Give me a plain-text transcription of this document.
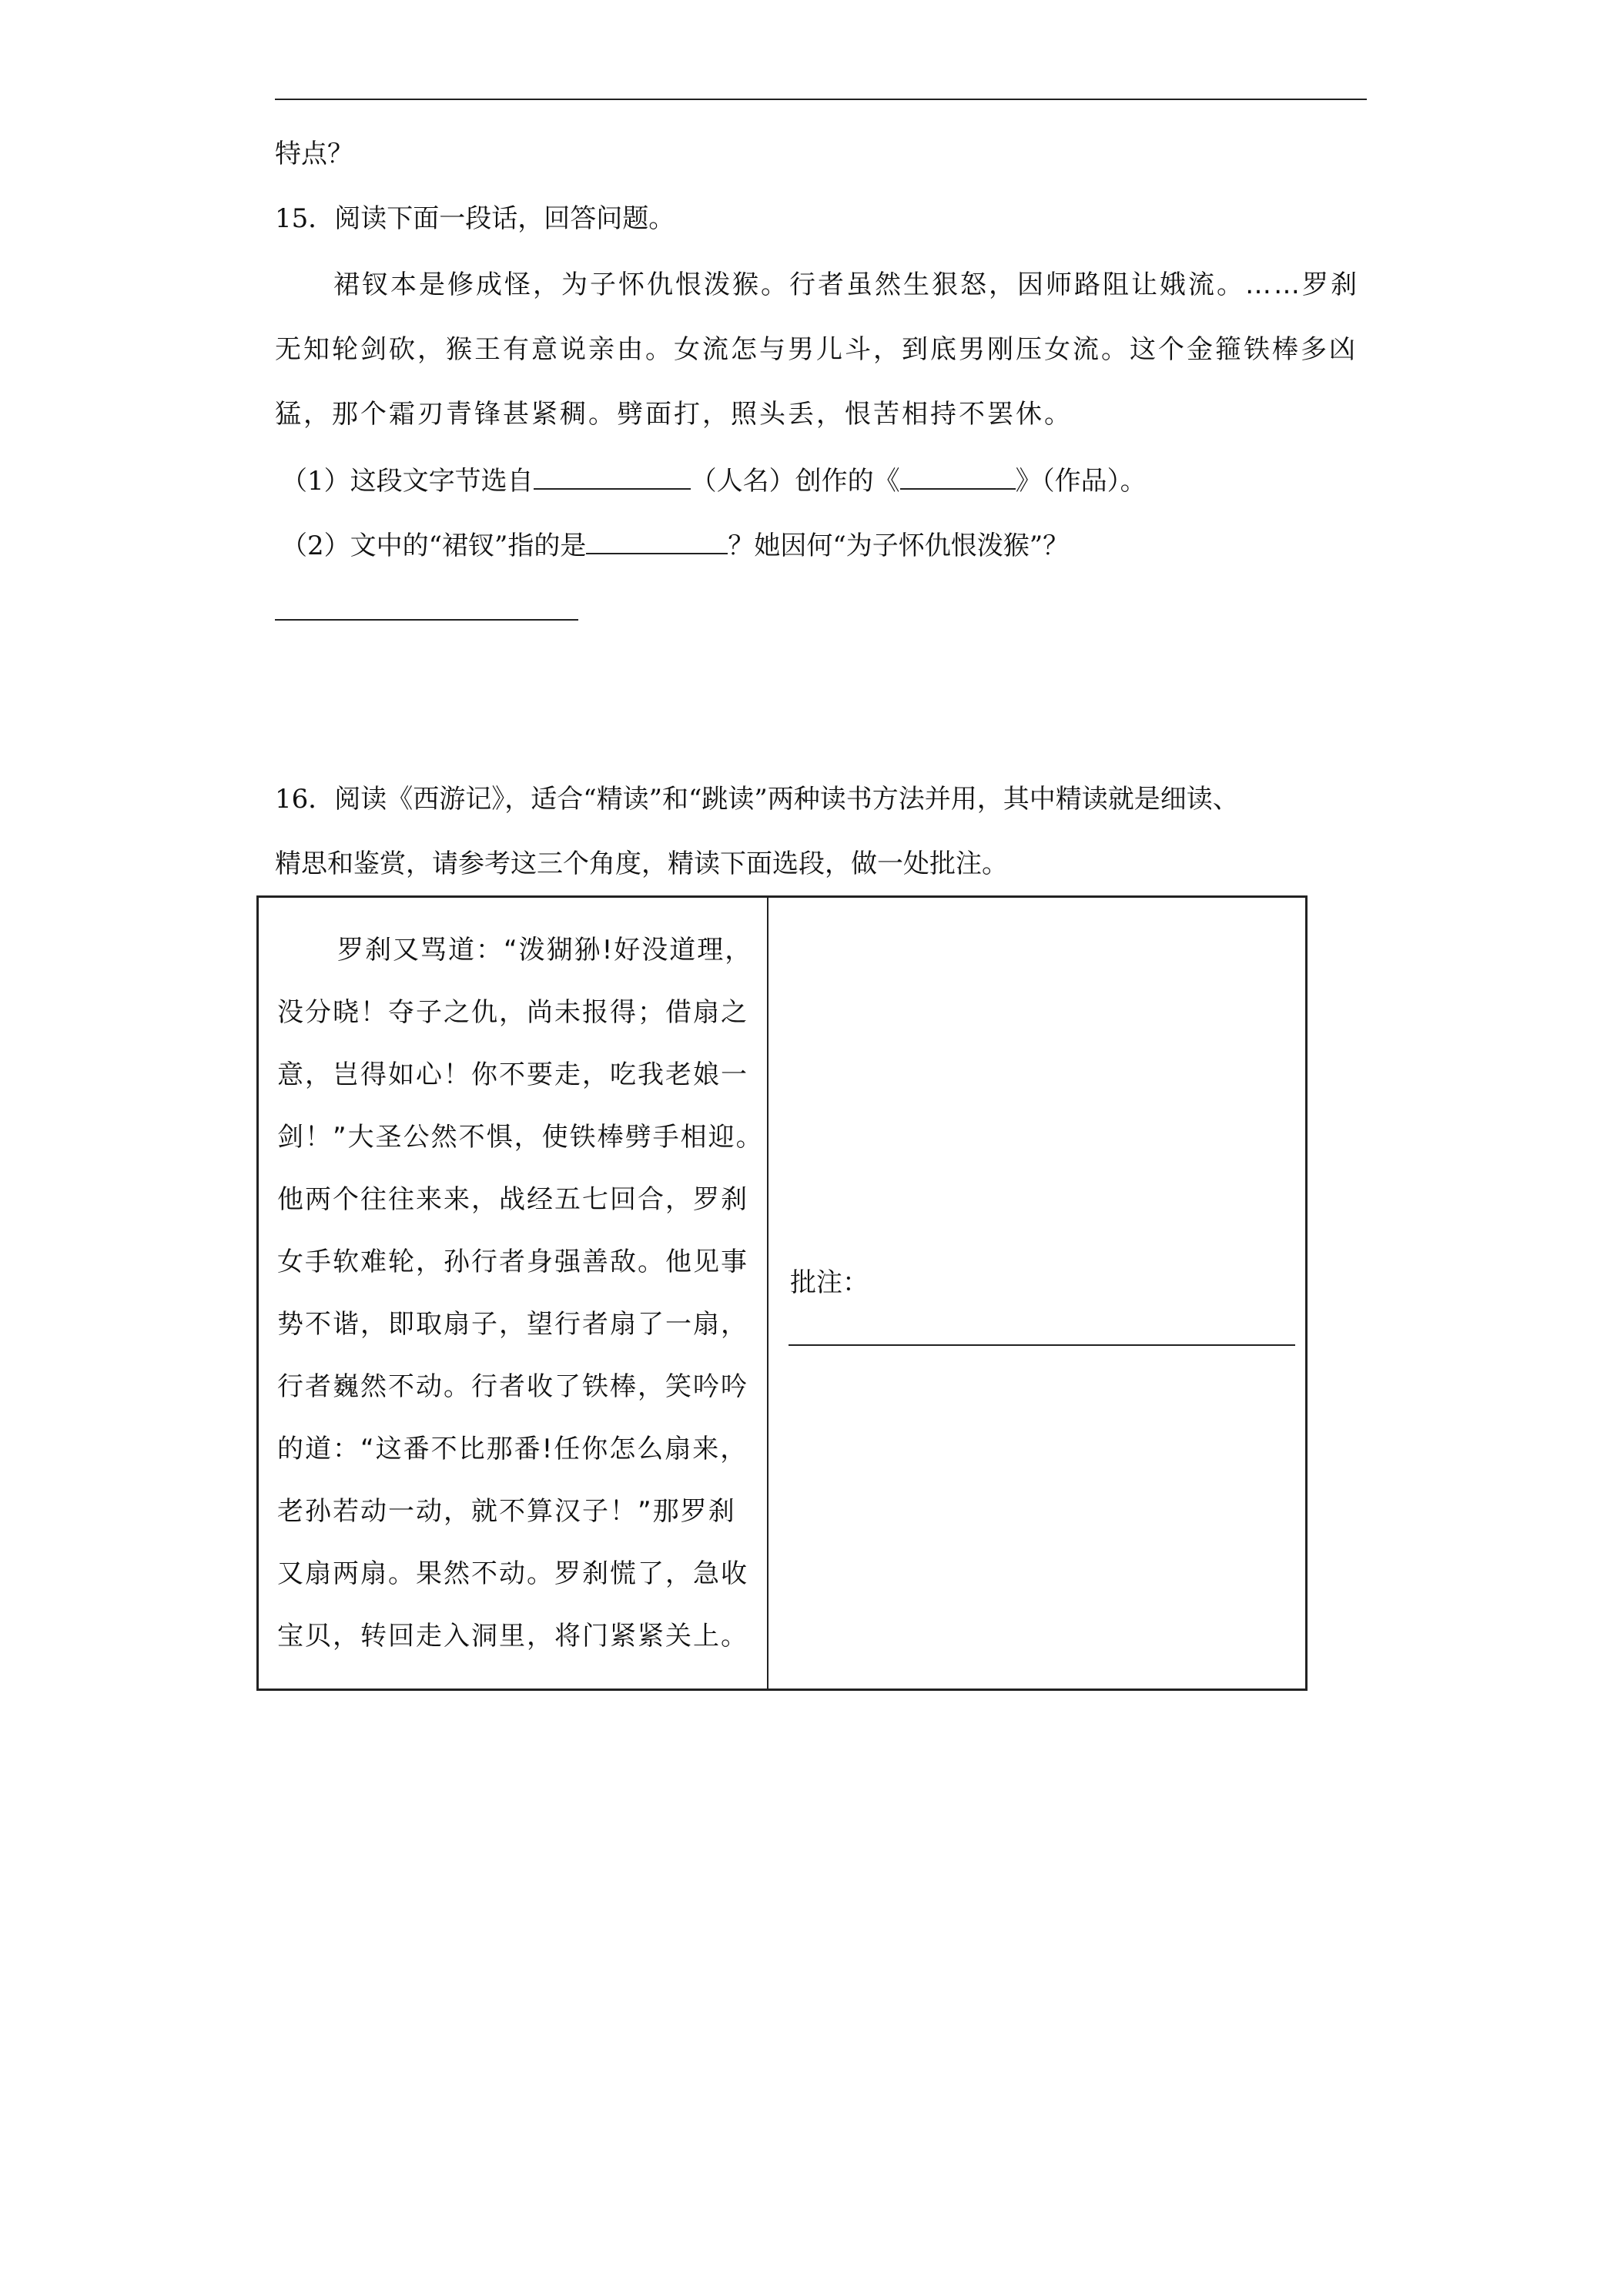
特点？
15．阅读下面一段话，回答问题。
裙钗本是修成怪，为子怀仇恨泼猴。行者虽然生狠怒，因师路阻让娥流。……罗刹
无知轮剑砍，猴王有意说亲由。女流怎与男儿斗，到底男刚压女流。这个金箍铁棒多凶
猛，那个霜刃青锋甚紧稠。劈面打，照头丢，恨苦相持不罢休。
（1）这段文字节选自	（人名）创作的《	》（作品）。
（2）文中的“裙钗”指的是	？她因何“为子怀仇恨泼猴”？
16．阅读《西游记》，适合“精读”和“跳读”两种读书方法并用，其中精读就是细读、
精思和鉴赏，请参考这三个角度，精读下面选段，做一处批注。
罗刹又骂道：“泼猢狲!好没道理，
没分晓！夺子之仇，尚未报得；借扇之
意，岂得如心！你不要走，吃我老娘一
剑！”大圣公然不惧，使铁棒劈手相迎。
他两个往往来来，战经五七回合，罗刹
女手软难轮，孙行者身强善敌。他见事
势不谐，即取扇子，望行者扇了一扇，
行者巍然不动。行者收了铁棒，笑吟吟
的道：“这番不比那番!任你怎么扇来，
老孙若动一动，就不算汉子！”那罗刹
又扇两扇。果然不动。罗刹慌了，急收
宝贝，转回走入洞里，将门紧紧关上。
批注：
